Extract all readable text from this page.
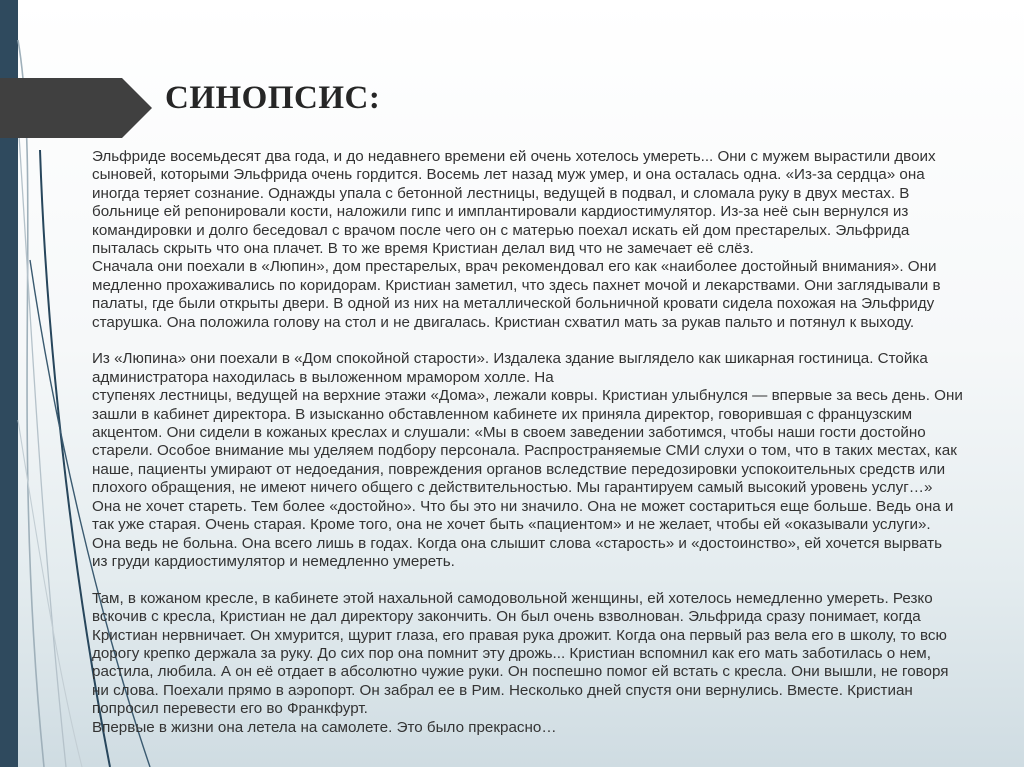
СИНОПСИС:

Эльфриде восемьдесят два года, и до недавнего времени ей очень хотелось умереть... Они с мужем вырастили двоих

сыновей, которыми Эльфрида очень гордится. Восемь лет назад муж умер, и она осталась одна. «Из-за сердца» она

иногда теряет сознание. Однажды упала с бетонной лестницы, ведущей в подвал, и сломала руку в двух местах. В

больнице ей репонировали кости, наложили гипс и имплантировали кардиостимулятор. Из-за неё сын вернулся из

командировки и долго беседовал с врачом после чего он с матерью поехал искать ей дом престарелых. Эльфрида

пыталась скрыть что она плачет. В то же время Кристиан делал вид что не замечает её слёз.

Сначала они поехали в «Люпин», дом престарелых, врач рекомендовал его как «наиболее достойный внимания». Они

медленно прохаживались по коридорам. Кристиан заметил, что здесь пахнет мочой и лекарствами. Они заглядывали в

палаты, где были открыты двери. В одной из них на металлической больничной кровати сидела похожая на Эльфриду

старушка. Она положила голову на стол и не двигалась. Кристиан схватил мать за рукав пальто и потянул к выходу.

Из «Люпина» они поехали в «Дом спокойной старости». Издалека здание выглядело как шикарная гостиница. Стойка

администратора находилась в выложенном мрамором холле. На

ступенях лестницы, ведущей на верхние этажи «Дома», лежали ковры. Кристиан улыбнулся — впервые за весь день. Они

зашли в кабинет директора. В изысканно обставленном кабинете их приняла директор, говорившая с французским

акцентом. Они сидели в кожаных креслах и слушали: «Мы в своем заведении заботимся, чтобы наши гости достойно

старели. Особое внимание мы уделяем подбору персонала. Распространяемые СМИ слухи о том, что в таких местах, как

наше, пациенты умирают от недоедания, повреждения органов вследствие передозировки успокоительных средств или

плохого обращения, не имеют ничего общего с действительностью. Мы гарантируем самый высокий уровень услуг…»

Она не хочет стареть. Тем более «достойно». Что бы это ни значило. Она не может состариться еще больше. Ведь она и

так уже старая. Очень старая. Кроме того, она не хочет быть «пациентом» и не желает, чтобы ей «оказывали услуги».

Она ведь не больна. Она всего лишь в годах. Когда она слышит слова «старость» и «достоинство», ей хочется вырвать

из груди кардиостимулятор и немедленно умереть.

Там, в кожаном кресле, в кабинете этой нахальной самодовольной женщины, ей хотелось немедленно умереть. Резко

вскочив с кресла, Кристиан не дал директору закончить. Он был очень взволнован. Эльфрида сразу понимает, когда

Кристиан нервничает. Он хмурится, щурит глаза, его правая рука дрожит. Когда она первый раз вела его в школу, то всю

дорогу крепко держала за руку. До сих пор она помнит эту дрожь... Кристиан вспомнил как его мать заботилась о нем,

растила, любила. А он её отдает в абсолютно чужие руки. Он поспешно помог ей встать с кресла. Они вышли, не говоря

ни слова. Поехали прямо в аэропорт. Он забрал ее в Рим. Несколько дней спустя они вернулись. Вместе. Кристиан

попросил перевести его во Франкфурт.

Впервые в жизни она летела на самолете. Это было прекрасно…
